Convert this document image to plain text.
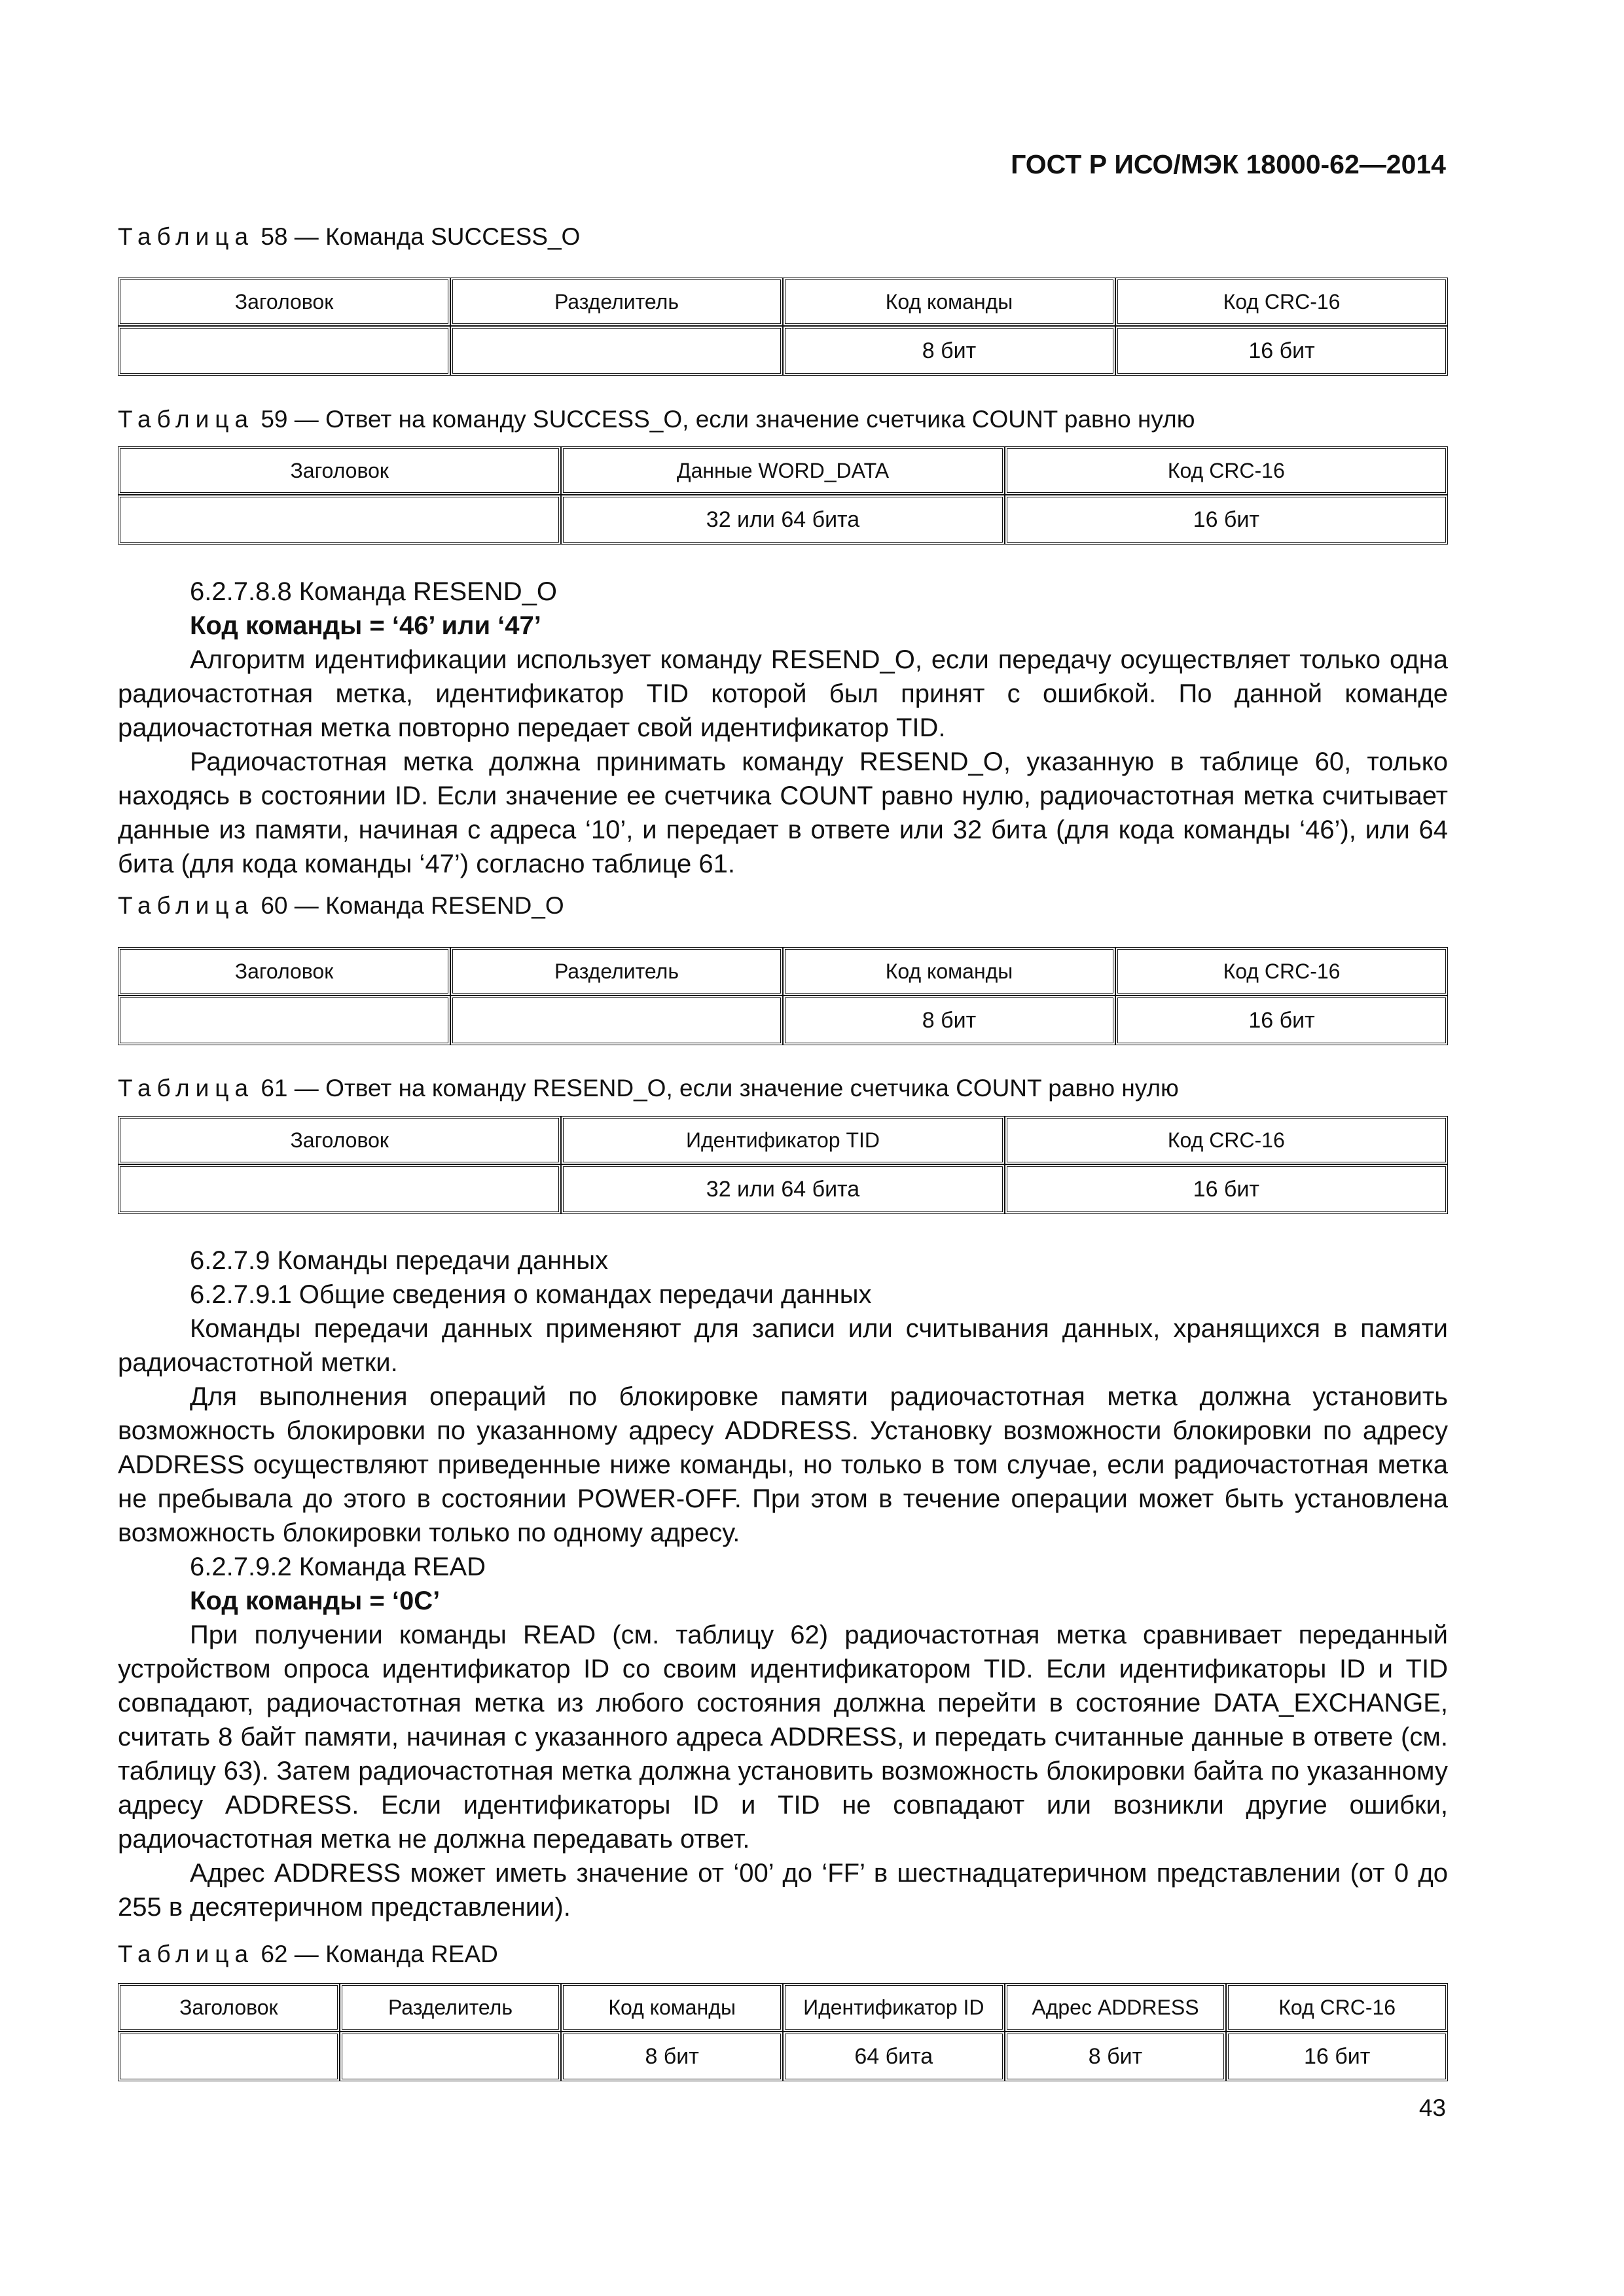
ГОСТ Р ИСО/МЭК 18000-62—2014
Таблица 58 — Команда SUCCESS_O
Заголовок	Разделитель	Код команды	Код CRC-16
		8 бит	16 бит
Таблица 59 — Ответ на команду SUCCESS_O, если значение счетчика COUNT равно нулю
Заголовок	Данные WORD_DATA	Код CRC-16
	32 или 64 бита	16 бит

6.2.7.8.8 Команда RESEND_O

Код команды = ‘46’ или ‘47’

Алгоритм идентификации использует команду RESEND_O, если передачу осуществляет только одна радиочастотная метка, идентификатор TID которой был принят с ошибкой. По данной команде радиочастотная метка повторно передает свой идентификатор TID.

Радиочастотная метка должна принимать команду RESEND_O, указанную в таблице 60, только находясь в состоянии ID. Если значение ее счетчика COUNT равно нулю, радиочастотная метка считывает данные из памяти, начиная с адреса ‘10’, и передает в ответе или 32 бита (для кода команды ‘46’), или 64 бита (для кода команды ‘47’) согласно таблице 61.

Таблица 60 — Команда RESEND_O
Заголовок	Разделитель	Код команды	Код CRC-16
		8 бит	16 бит
Таблица 61 — Ответ на команду RESEND_O, если значение счетчика COUNT равно нулю
Заголовок	Идентификатор TID	Код CRC-16
	32 или 64 бита	16 бит

6.2.7.9 Команды передачи данных

6.2.7.9.1 Общие сведения о командах передачи данных

Команды передачи данных применяют для записи или считывания данных, хранящихся в памяти радиочастотной метки.

Для выполнения операций по блокировке памяти радиочастотная метка должна установить возможность блокировки по указанному адресу ADDRESS. Установку возможности блокировки по адресу ADDRESS осуществляют приведенные ниже команды, но только в том случае, если радиочастотная метка не пребывала до этого в состоянии POWER-OFF. При этом в течение операции может быть установлена возможность блокировки только по одному адресу.

6.2.7.9.2 Команда READ

Код команды = ‘0C’

При получении команды READ (см. таблицу 62) радиочастотная метка сравнивает переданный устройством опроса идентификатор ID со своим идентификатором TID. Если идентификаторы ID и TID совпадают, радиочастотная метка из любого состояния должна перейти в состояние DATA_EXCHANGE, считать 8 байт памяти, начиная с указанного адреса ADDRESS, и передать считанные данные в ответе (см. таблицу 63). Затем радиочастотная метка должна установить возможность блокировки байта по указанному адресу ADDRESS. Если идентификаторы ID и TID не совпадают или возникли другие ошибки, радиочастотная метка не должна передавать ответ.

Адрес ADDRESS может иметь значение от ‘00’ до ‘FF’ в шестнадцатеричном представлении (от 0 до 255 в десятеричном представлении).

Таблица 62 — Команда READ
Заголовок	Разделитель	Код команды	Идентификатор ID	Адрес ADDRESS	Код CRC-16
		8 бит	64 бита	8 бит	16 бит
43
